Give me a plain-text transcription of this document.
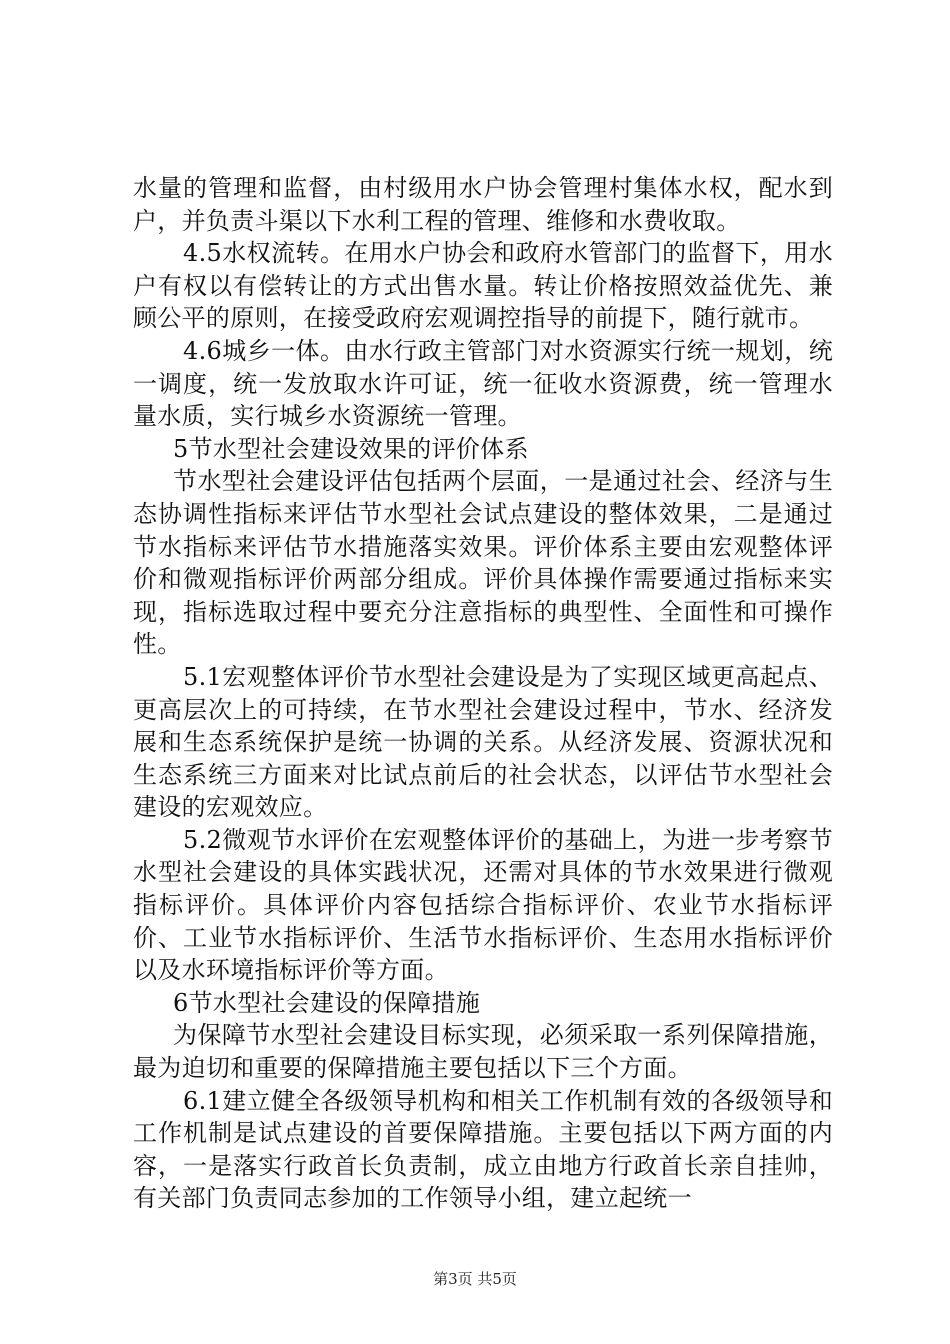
水量的管理和监督，由村级用水户协会管理村集体水权，配水到户，并负责斗渠以下水利工程的管理、维修和水费收取。

4.5水权流转。在用水户协会和政府水管部门的监督下，用水户有权以有偿转让的方式出售水量。转让价格按照效益优先、兼顾公平的原则，在接受政府宏观调控指导的前提下，随行就市。

4.6城乡一体。由水行政主管部门对水资源实行统一规划，统一调度，统一发放取水许可证，统一征收水资源费，统一管理水量水质，实行城乡水资源统一管理。

5节水型社会建设效果的评价体系

节水型社会建设评估包括两个层面，一是通过社会、经济与生态协调性指标来评估节水型社会试点建设的整体效果，二是通过节水指标来评估节水措施落实效果。评价体系主要由宏观整体评价和微观指标评价两部分组成。评价具体操作需要通过指标来实现，指标选取过程中要充分注意指标的典型性、全面性和可操作性。

5.1宏观整体评价节水型社会建设是为了实现区域更高起点、更高层次上的可持续，在节水型社会建设过程中，节水、经济发展和生态系统保护是统一协调的关系。从经济发展、资源状况和生态系统三方面来对比试点前后的社会状态，以评估节水型社会建设的宏观效应。

5.2微观节水评价在宏观整体评价的基础上，为进一步考察节水型社会建设的具体实践状况，还需对具体的节水效果进行微观指标评价。具体评价内容包括综合指标评价、农业节水指标评价、工业节水指标评价、生活节水指标评价、生态用水指标评价以及水环境指标评价等方面。

6节水型社会建设的保障措施

为保障节水型社会建设目标实现，必须采取一系列保障措施，最为迫切和重要的保障措施主要包括以下三个方面。

6.1建立健全各级领导机构和相关工作机制有效的各级领导和工作机制是试点建设的首要保障措施。主要包括以下两方面的内容，一是落实行政首长负责制，成立由地方行政首长亲自挂帅，有关部门负责同志参加的工作领导小组，建立起统一

第3页 共5页
